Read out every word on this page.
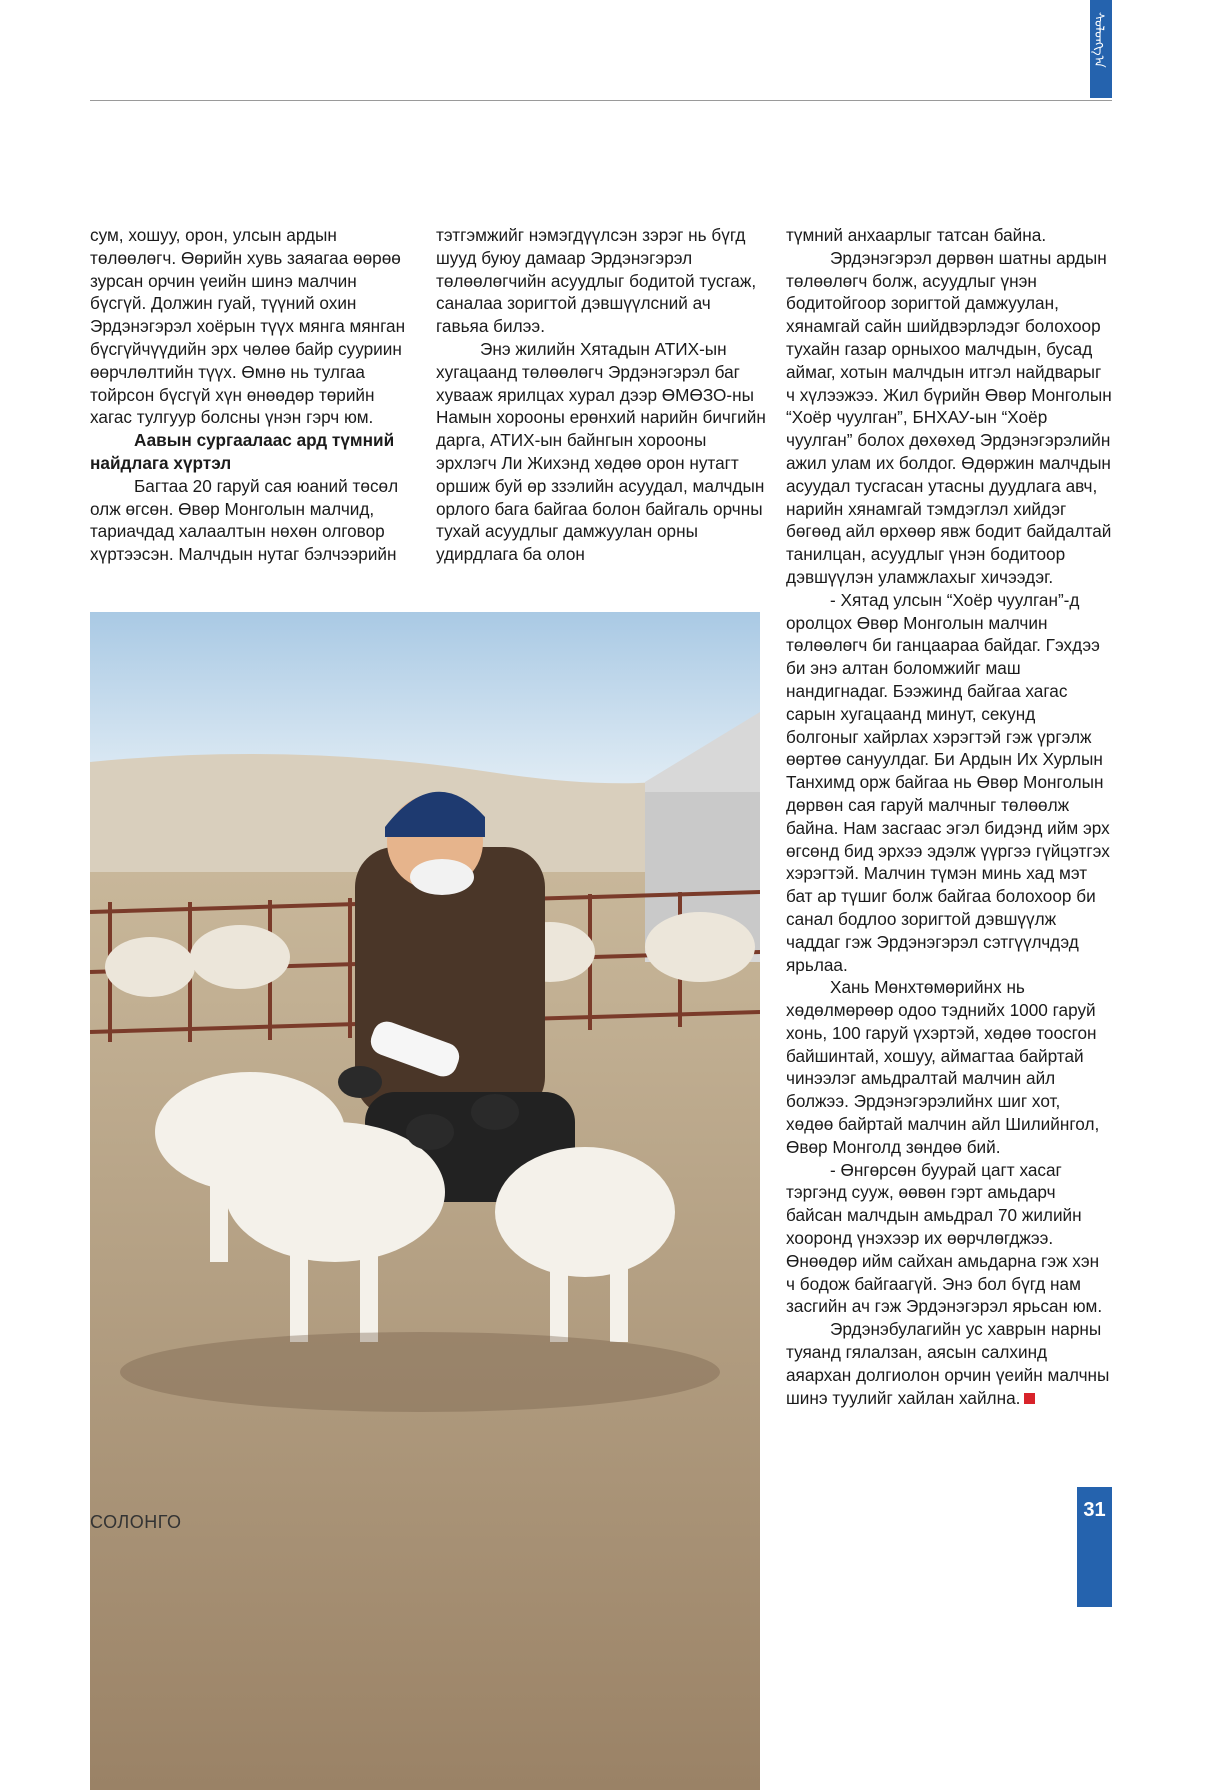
ᠰᠣᠯᠣᠩᠭ᠎ᠠ

сум, хошуу, орон, улсын ардын төлөөлөгч. Өөрийн хувь заяагаа өөрөө зурсан орчин үеийн шинэ малчин бүсгүй. Должин гуай, түүний охин Эрдэнэгэрэл хоёрын түүх мянга мянган бүсгүйчүүдийн эрх чөлөө байр сууриин өөрчлөлтийн түүх. Өмнө нь тулгаа тойрсон бүсгүй хүн өнөөдөр төрийн хагас тулгуур болсны үнэн гэрч юм.

Аавын сургаалаас ард түмний найдлага хүртэл

Багтаа 20 гаруй сая юаний төсөл олж өгсөн. Өвөр Монголын малчид, тариачдад халаалтын нөхөн олговор хүртээсэн. Малчдын нутаг бэлчээрийн

тэтгэмжийг нэмэгдүүлсэн зэрэг нь бүгд шууд буюу дамаар Эрдэнэгэрэл төлөөлөгчийн асуудлыг бодитой тусгаж, саналаа зоригтой дэвшүүлсний ач гавьяа билээ.

Энэ жилийн Хятадын АТИХ-ын хугацаанд төлөөлөгч Эрдэнэгэрэл баг хувааж ярилцах хурал дээр ӨМӨЗО-ны Намын хорооны ерөнхий нарийн бичгийн дарга, АТИХ-ын байнгын хорооны эрхлэгч Ли Жихэнд хөдөө орон нутагт оршиж буй өр ззэлийн асуудал, малчдын орлого бага байгаа болон байгаль орчны тухай асуудлыг дамжуулан орны удирдлага ба олон

түмний анхаарлыг татсан байна.

Эрдэнэгэрэл дөрвөн шатны ардын төлөөлөгч болж, асуудлыг үнэн бодитойгоор зоригтой дамжуулан, хянамгай сайн шийдвэрлэдэг болохоор тухайн газар орныхоо малчдын, бусад аймаг, хотын малчдын итгэл найдварыг ч хүлээжээ. Жил бүрийн Өвөр Монголын “Хоёр чуулган”, БНХАУ-ын “Хоёр чуулган” болох дөхөхөд Эрдэнэгэрэлийн ажил улам их болдог. Өдөржин малчдын асуудал тусгасан утасны дуудлага авч, нарийн хянамгай тэмдэглэл хийдэг бөгөөд айл өрхөөр явж бодит байдалтай танилцан, асуудлыг үнэн бодитоор дэвшүүлэн уламжлахыг хичээдэг.

- Хятад улсын “Хоёр чуулган”-д оролцох Өвөр Монголын малчин төлөөлөгч би ганцаараа байдаг. Гэхдээ би энэ алтан боломжийг маш нандигнадаг. Бээжинд байгаа хагас сарын хугацаанд минут, секунд болгоныг хайрлах хэрэгтэй гэж үргэлж өөртөө сануулдаг. Би Ардын Их Хурлын Танхимд орж байгаа нь Өвөр Монголын дөрвөн сая гаруй малчныг төлөөлж байна. Нам засгаас эгэл бидэнд ийм эрх өгсөнд бид эрхээ эдэлж үүргээ гүйцэтгэх хэрэгтэй. Малчин түмэн минь хад мэт бат ар түшиг болж байгаа болохоор би санал бодлоо зоригтой дэвшүүлж чаддаг гэж Эрдэнэгэрэл сэтгүүлчдэд ярьлаа.

Хань Мөнхтөмөрийнх нь хөдөлмөрөөр одоо тэднийх 1000 гаруй хонь, 100 гаруй үхэртэй, хөдөө тоосгон байшинтай, хошуу, аймагтаа байртай чинээлэг амьдралтай малчин айл болжээ. Эрдэнэгэрэлийнх шиг хот, хөдөө байртай малчин айл Шилийнгол, Өвөр Монголд зөндөө бий.

- Өнгөрсөн буурай цагт хасаг тэргэнд сууж, өөвөн гэрт амьдарч байсан малчдын амьдрал 70 жилийн хооронд үнэхээр их өөрчлөгджээ. Өнөөдөр ийм сайхан амьдарна гэж хэн ч бодож байгаагүй. Энэ бол бүгд нам засгийн ач гэж Эрдэнэгэрэл ярьсан юм.

Эрдэнэбулагийн ус хаврын нарны туяанд гялалзан, аясын салхинд аяархан долгиолон орчин үеийн малчны шинэ туулийг хайлан хайлна.

СОЛОНГО
31
